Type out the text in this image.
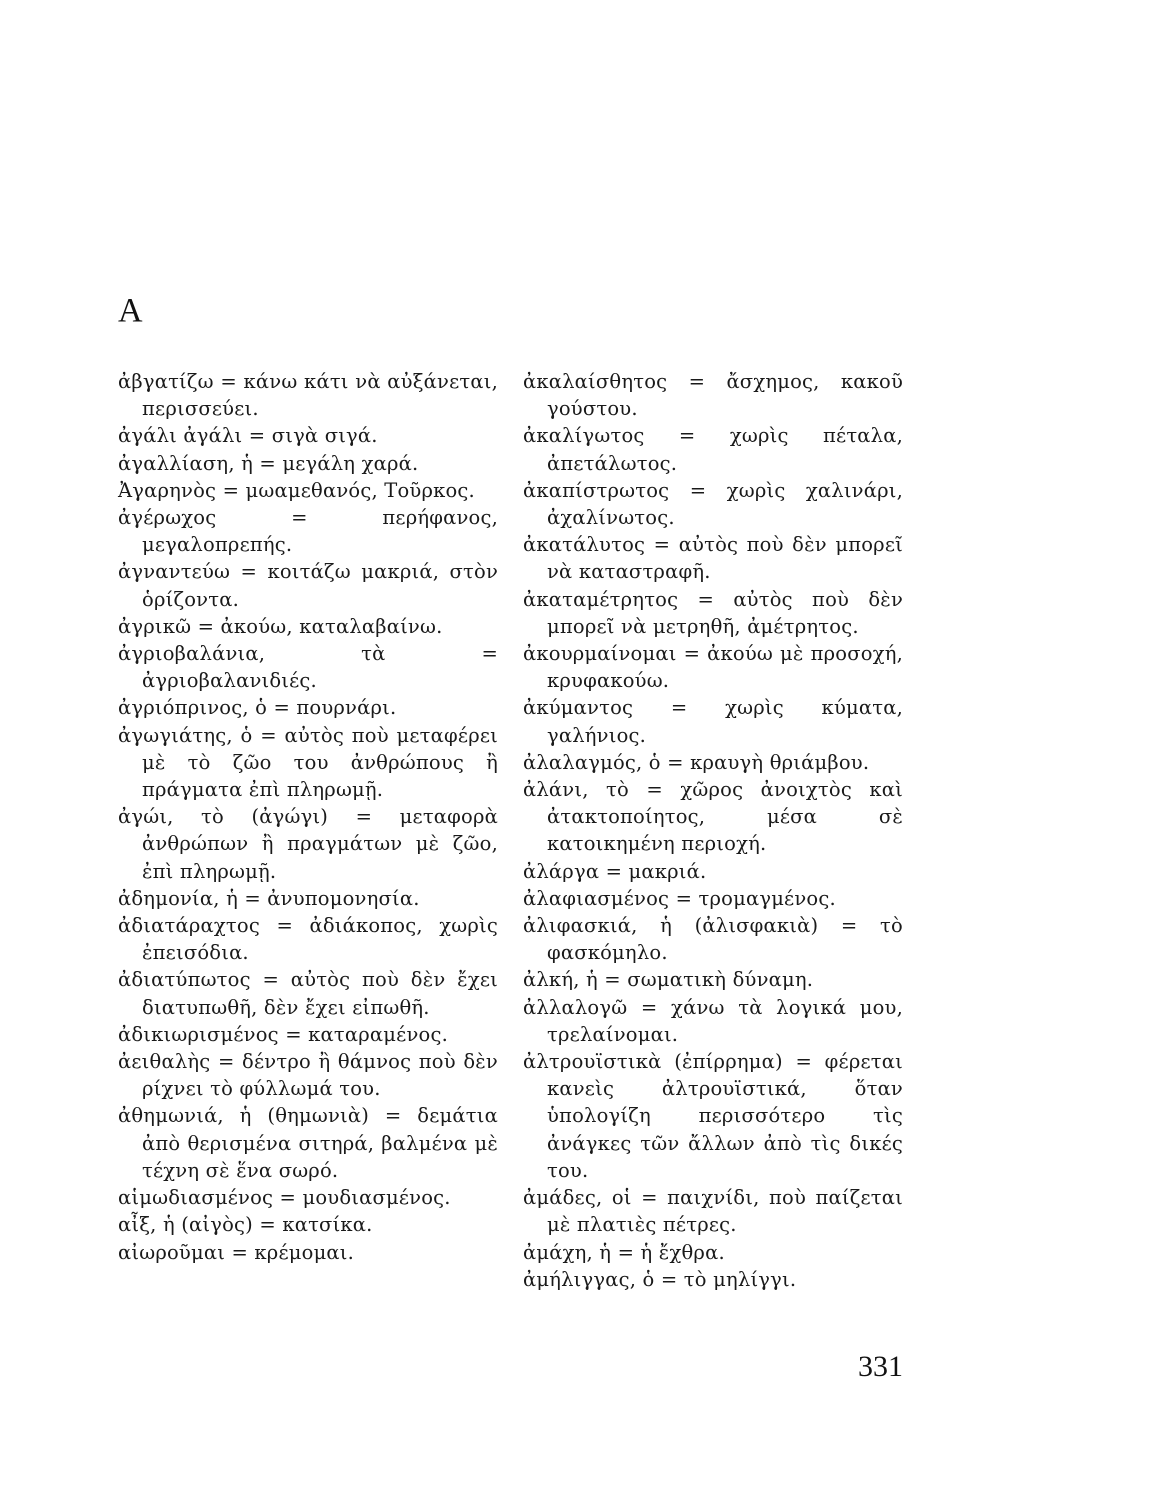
Α

ἀβγατίζω = κάνω κάτι νὰ αὐξάνεται, περισσεύει.

ἀγάλι ἀγάλι = σιγὰ σιγά.

ἀγαλλίαση, ἡ = μεγάλη χαρά.

Ἀγαρηνὸς = μωαμεθανός, Τοῦρκος.

ἀγέρωχος = περήφανος, μεγαλοπρεπής.

ἀγναντεύω = κοιτάζω μακριά, στὸν ὁρίζοντα.

ἀγρικῶ = ἀκούω, καταλαβαίνω.

ἀγριοβαλάνια, τὰ = ἀγριοβαλανιδιές.

ἀγριόπρινος, ὁ = πουρνάρι.

ἀγωγιάτης, ὁ = αὐτὸς ποὺ μεταφέρει μὲ τὸ ζῶο του ἀνθρώπους ἢ πράγματα ἐπὶ πληρωμῇ.

ἀγώι, τὸ (ἀγώγι) = μεταφορὰ ἀνθρώπων ἢ πραγμάτων μὲ ζῶο, ἐπὶ πληρωμῇ.

ἀδημονία, ἡ = ἀνυπομονησία.

ἀδιατάραχτος = ἀδιάκοπος, χωρὶς ἐπεισόδια.

ἀδιατύπωτος = αὐτὸς ποὺ δὲν ἔχει διατυπωθῆ, δὲν ἔχει εἰπωθῆ.

ἀδικιωρισμένος = καταραμένος.

ἀειθαλὴς = δέντρο ἢ θάμνος ποὺ δὲν ρίχνει τὸ φύλλωμά του.

ἀθημωνιά, ἡ (θημωνιὰ) = δεμάτια ἀπὸ θερισμένα σιτηρά, βαλμένα μὲ τέχνη σὲ ἕνα σωρό.

αἱμωδιασμένος = μουδιασμένος.

αἶξ, ἡ (αἰγὸς) = κατσίκα.

αἰωροῦμαι = κρέμομαι.

ἀκαλαίσθητος = ἄσχημος, κακοῦ γούστου.

ἀκαλίγωτος = χωρὶς πέταλα, ἀπετάλωτος.

ἀκαπίστρωτος = χωρὶς χαλινάρι, ἀχαλίνωτος.

ἀκατάλυτος = αὐτὸς ποὺ δὲν μπορεῖ νὰ καταστραφῆ.

ἀκαταμέτρητος = αὐτὸς ποὺ δὲν μπορεῖ νὰ μετρηθῆ, ἀμέτρητος.

ἀκουρμαίνομαι = ἀκούω μὲ προσοχή, κρυφακούω.

ἀκύμαντος = χωρὶς κύματα, γαλήνιος.

ἀλαλαγμός, ὁ = κραυγὴ θριάμβου.

ἀλάνι, τὸ = χῶρος ἀνοιχτὸς καὶ ἀτακτοποίητος, μέσα σὲ κατοικημένη περιοχή.

ἀλάργα = μακριά.

ἀλαφιασμένος = τρομαγμένος.

ἀλιφασκιά, ἡ (ἀλισφακιὰ) = τὸ φασκόμηλο.

ἀλκή, ἡ = σωματικὴ δύναμη.

ἀλλαλογῶ = χάνω τὰ λογικά μου, τρελαίνομαι.

ἀλτρουϊστικὰ (ἐπίρρημα) = φέρεται κανεὶς ἀλτρουϊστικά, ὅταν ὑπολογίζη περισσότερο τὶς ἀνάγκες τῶν ἄλλων ἀπὸ τὶς δικές του.

ἀμάδες, οἱ = παιχνίδι, ποὺ παίζεται μὲ πλατιὲς πέτρες.

ἀμάχη, ἡ = ἡ ἔχθρα.

ἀμήλιγγας, ὁ = τὸ μηλίγγι.

331
